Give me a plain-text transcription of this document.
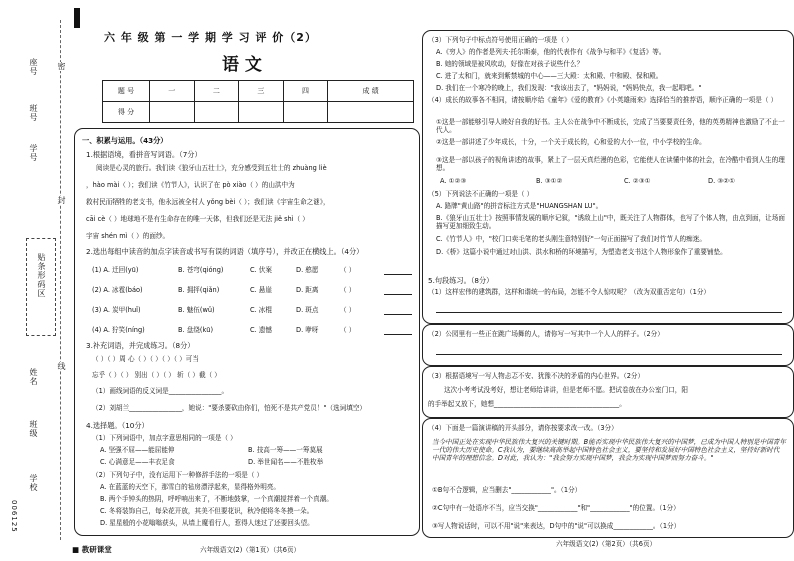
座号
班号
学号
贴条形码区
姓名
班级
学校
006125
密
封
线
六 年 级 第 一 学 期 学 习 评 价（2）
语 文
题 号	一	二	三	四	成 绩
得 分					
一、积累与运用。（43分）
1.根据语境，看拼音写词语。（7分）
阅读是心灵的旅行。我们读《狼牙山五壮士》，充分感受到五壮士的 zhuàng liè
，hào mài（ ）；我们读《竹节人》，认识了在 pò xiào（ ）的山洪中为
救村民而牺牲的老支书，他永远被全村人 yǒng bèi（ ）；我们读《宇宙生命之谜》，
cāi cè（ ）地球地不是有生命存在的唯一天体，但我们还是无法 jiě shì（ ）
宇宙 shén mì（ ）的面纱。
2.选出每组中读音的加点字读音或书写有误的词语（填序号），并改正在横线上。（4分）
(1) A. 迁回(yū)	B. 苍穹(qióng)	C. 伏案	D. 憨愿	（ ）
(2) A. 冰雹(báo)	B. 拥抨(qiǎn)	C. 悬崖	D. 距离	（ ）
(3) A. 炭甲(huǐ)	B. 魅伍(wǔ)	C. 冰棍	D. 斑点	（ ）
(4) A. 狞笑(níng)	B. 盘绕(kū)	C. 遗憾	D. 咿呀	（ ）
3.补充词语，并完成练习。（8分）
（ ）（ ）周 心（ ）（ ）（ ）（ ）可当
忘乎（ ）（ ） 别出（ ）（ ） 斩（ ）截（ ）
（1）画线词语的反义词是________________。
（2）刘胡兰________________，她说："要杀要砍由你们，怕死不是共产党员！"（选词填空）
4.选择题。（10分）
（1）下列词语中，加点字意思相同的一项是（ ）
A. 坚强不屈——能屈能伸	B. 技高一筹——一筹莫展
C. 心满意足——丰衣足食	D. 举世闻名——不胜枚举
（2）下列句子中，没有运用下一种修辞手法的一项是（ ）
A. 在蓝蓝的天空下，那雪白的毡房漂浮起来，显得格外明亮。
B. 两个手钟头的热阴，呼呼响出来了，不断地鼓掌，一个真潮搅拌着一个真潮。
C. 冬将装饰自己，每朵花开放，其美不但要花识，秋冷便将冬冬摸一朵。
D. 星星般的小花嗡嗡获头，从墙上魔看行人，惹得人迷过了还要回头望。
■ 教研课堂	六年级语文(2)（第1页）（共6页）
（3）下列句子中标点符号使用正确的一项是（ ）
A.《穷人》的作者是列夫·托尔斯泰，他的代表作有《战争与和平》《复活》等。
B. 她的领域是被风吹动，好像在对孩子说些什么？
C. 进了太和门，就来到紫禁城的中心——三大殿：太和殿、中和殿、保和殿。
D. 我们在一个寒冷的晚上，我们发现："我该出去了，"妈妈说，"妈妈快点，我一起唱吧。"
（4）成长的故事各不相同，请按顺序给《童年》《爱的教育》《小英雄雨来》选择恰当的推荐语，顺序正确的一项是（ ）
①这是一部能够引导人睦好自我的好书。主人公在战争中不断成长，完成了当要要责任务，他的英勇精神也激励了不止一代人。
②这是一部讲述了少年成长，十分，一个关于成长的，心和爱的大小一位，中小学校的生命。
③这是一部以孩子的视角讲述的故事，紧上了一层天真烂漫的色彩，它能使人在读懂中体的社会，在冷酷中看到人生的理想。
A. ①②③	B. ③①②	C. ②③①	D. ③②①
（5）下列说法不正确的一项是（ ）
A. 路牌"黄山路"的拼音标注方式是"HUANGSHAN LU"。
B.《狼牙山五壮士》按照事情发展的顺序记叙，"诱敌上山"中，既关注了人物群体，也写了个体人物，由点到面，让场面描写更加细致生动。
C.《竹节人》中，"校门口卖毛笔的老头刚生意特别好"一句正面描写了我们对竹节人的痴迷。
D.《桥》这篇小说中通过对山洪、洪水和桥的环境描写，为塑造老支书这个人物形象作了重要铺垫。
5.句段练习。（8分）
（1）这样宏伟的建筑群，这样和谐统一的布局，怎能不令人惊叹呢？（改为双重否定句）（1分）
（2）公园里有一些正在跳广场舞的人，请你写一写其中一个人人的样子。（2分）
（3）根据语境写一写人物忐忑不安、犹豫不决的矛盾的内心世界。（2分）
这次小考考试没考好，想让老师给讲讲，但是老师不愿。把试卷放在办公室门口，阳
的手举起又放下，她想______________________________________。
（4）下面是一篇演讲稿的开头部分，请你按要求改一改。（3分）
当今中国正处在实现中华民族伟大复兴的关键时期。B能否实现中华民族伟大复兴的中国梦，已成为中国人特别是中国青年一代的伟大历史使命。C我认为，要继续高高举起中国特色社会主义，要坚持和发展好中国特色社会主义，坚持好新时代中国青年的理想信念。D对此，我认为："我会努力实现中国梦，我会为实现中国梦而努力奋斗。"
①B句不合逻辑，应当删去"____________"。（1分）
②C句中有一处语序不当，应当交换"____________"和"____________"的位置。（1分）
③写人物说话时，可以不用"说"来表达，D句中的"说"可以换成____________。（1分）
六年级语文(2)（第2页）（共6页）
